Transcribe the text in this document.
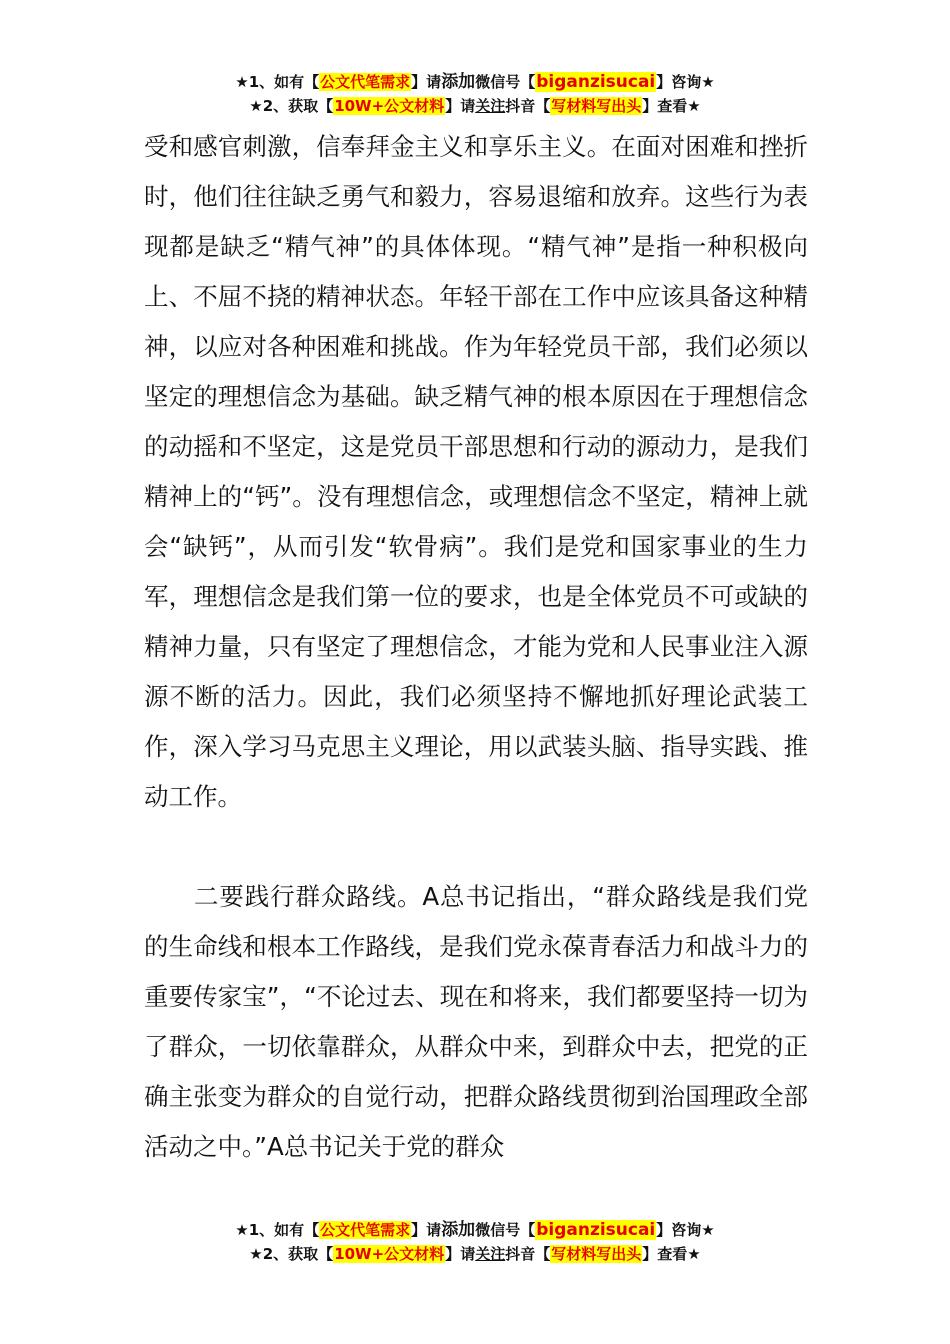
★1、如有【公文代笔需求】请添加微信号【biganzisucai】咨询★
★2、获取【10W+公文材料】请关注抖音【写材料写出头】查看★

受和感官刺激，信奉拜金主义和享乐主义。在面对困难和挫折时，他们往往缺乏勇气和毅力，容易退缩和放弃。这些行为表现都是缺乏“精气神”的具体体现。“精气神”是指一种积极向上、不屈不挠的精神状态。年轻干部在工作中应该具备这种精神，以应对各种困难和挑战。作为年轻党员干部，我们必须以坚定的理想信念为基础。缺乏精气神的根本原因在于理想信念的动摇和不坚定，这是党员干部思想和行动的源动力，是我们精神上的“钙”。没有理想信念，或理想信念不坚定，精神上就会“缺钙”，从而引发“软骨病”。我们是党和国家事业的生力军，理想信念是我们第一位的要求，也是全体党员不可或缺的精神力量，只有坚定了理想信念，才能为党和人民事业注入源源不断的活力。因此，我们必须坚持不懈地抓好理论武装工作，深入学习马克思主义理论，用以武装头脑、指导实践、推动工作。

二要践行群众路线。A总书记指出，“群众路线是我们党的生命线和根本工作路线，是我们党永葆青春活力和战斗力的重要传家宝”，“不论过去、现在和将来，我们都要坚持一切为了群众，一切依靠群众，从群众中来，到群众中去，把党的正确主张变为群众的自觉行动，把群众路线贯彻到治国理政全部活动之中。”A总书记关于党的群众

★1、如有【公文代笔需求】请添加微信号【biganzisucai】咨询★
★2、获取【10W+公文材料】请关注抖音【写材料写出头】查看★
